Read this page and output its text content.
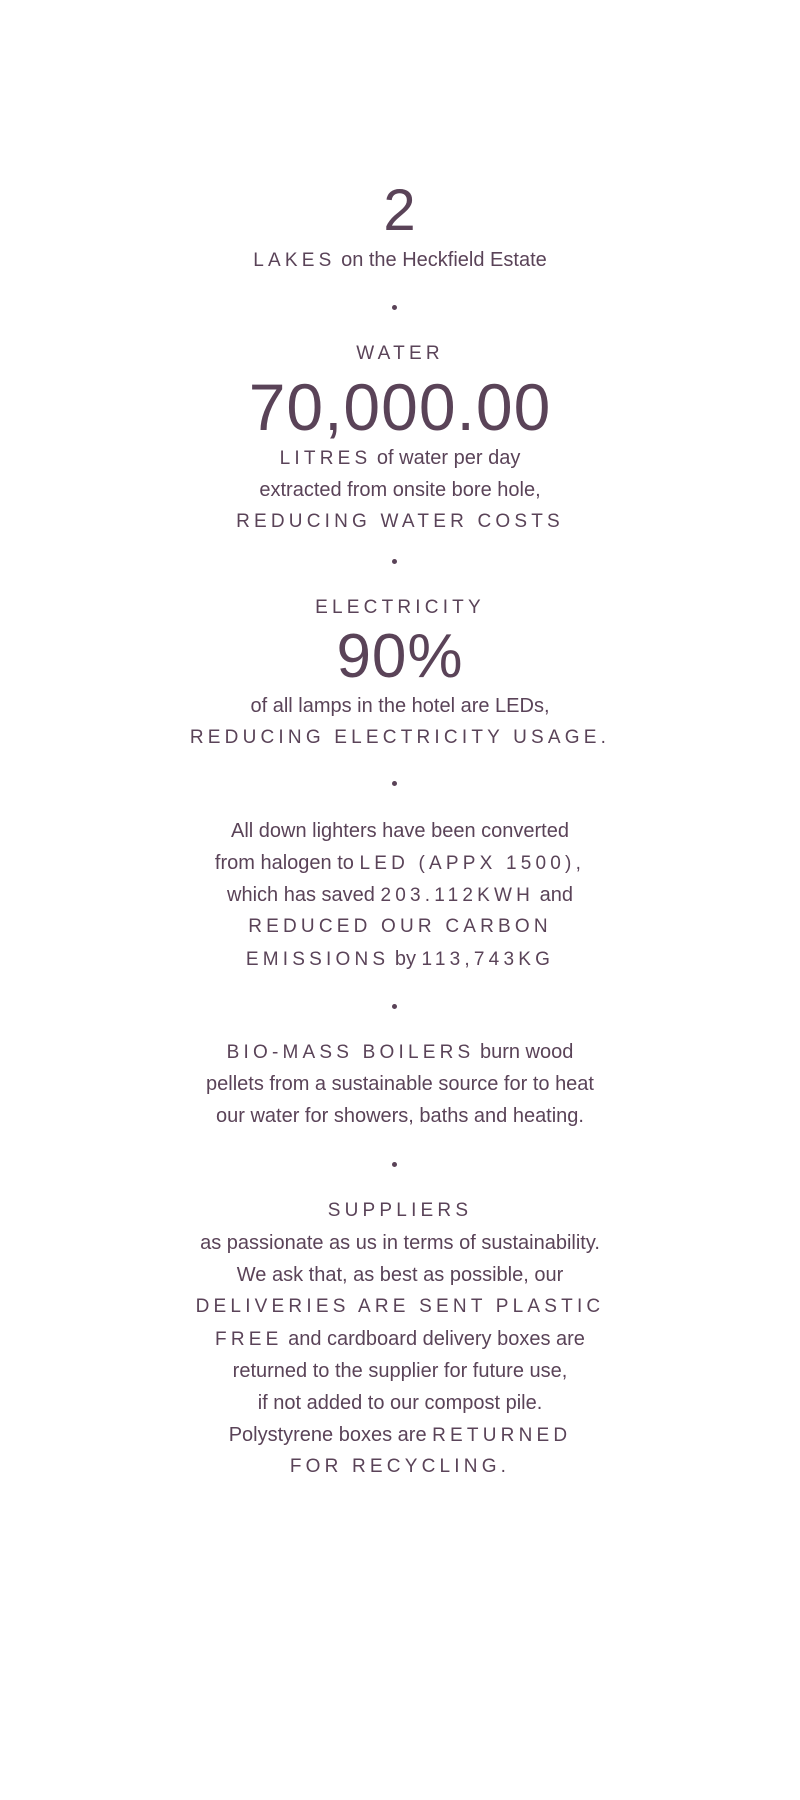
2
LAKES on the Heckfield Estate
WATER
70,000.00
LITRES of water per day
extracted from onsite bore hole,
REDUCING WATER COSTS
ELECTRICITY
90%
of all lamps in the hotel are LEDs,
REDUCING ELECTRICITY USAGE.
All down lighters have been converted
from halogen to LED (APPX 1500),
which has saved 203.112KWH and
REDUCED OUR CARBON
EMISSIONS by 113,743KG
BIO-MASS BOILERS burn wood
pellets from a sustainable source for to heat
our water for showers, baths and heating.
SUPPLIERS
as passionate as us in terms of sustainability.
We ask that, as best as possible, our
DELIVERIES ARE SENT PLASTIC
FREE and cardboard delivery boxes are
returned to the supplier for future use,
if not added to our compost pile.
Polystyrene boxes are RETURNED
FOR RECYCLING.
